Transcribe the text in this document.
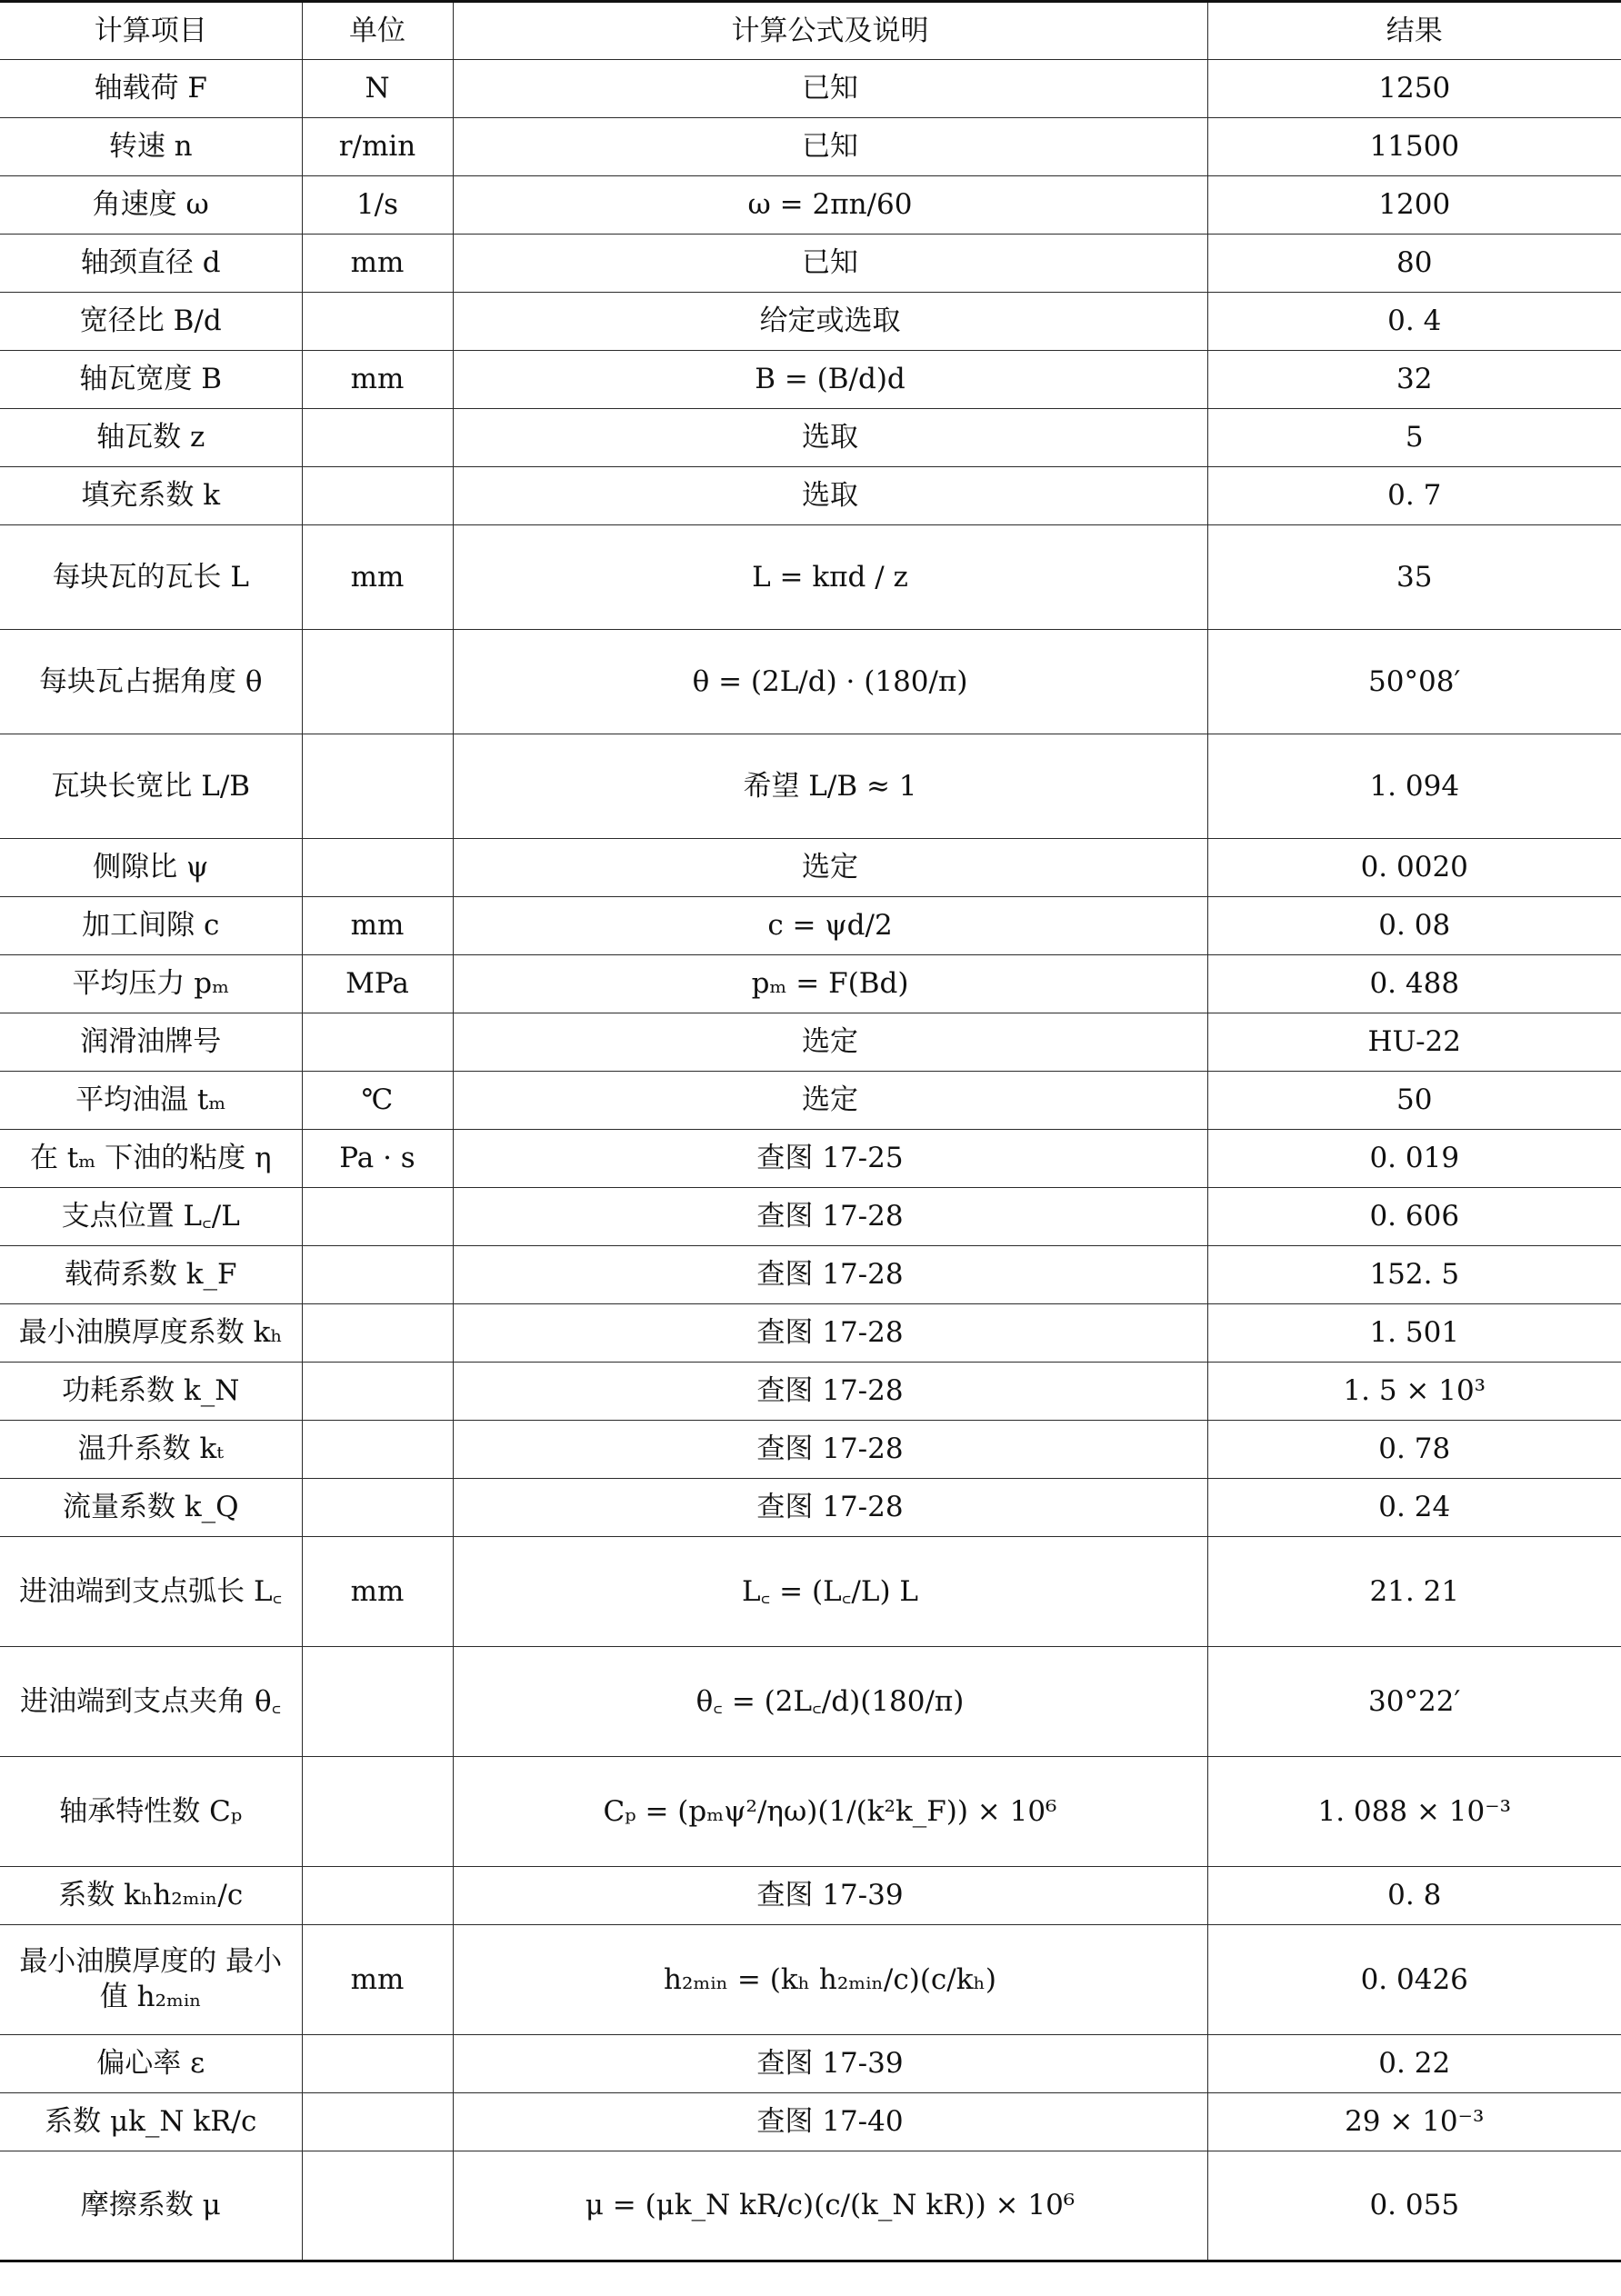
计算项目	单位	计算公式及说明	结果
轴载荷 F	N	已知	1250
转速 n	r/min	已知	11500
角速度 ω	1/s	ω = 2πn/60	1200
轴颈直径 d	mm	已知	80
宽径比 B/d		给定或选取	0. 4
轴瓦宽度 B	mm	B = (B/d)d	32
轴瓦数 z		选取	5
填充系数 k		选取	0. 7
每块瓦的瓦长 L	mm	L = kπd / z	35
每块瓦占据角度 θ		θ = (2L/d) · (180/π)	50°08′
瓦块长宽比 L/B		希望 L/B ≈ 1	1. 094
侧隙比 ψ		选定	0. 0020
加工间隙 c	mm	c = ψd/2	0. 08
平均压力 pₘ	MPa	pₘ = F(Bd)	0. 488
润滑油牌号		选定	HU-22
平均油温 tₘ	℃	选定	50
在 tₘ 下油的粘度 η	Pa · s	查图 17-25	0. 019
支点位置 L꜀/L		查图 17-28	0. 606
载荷系数 k_F		查图 17-28	152. 5
最小油膜厚度系数 kₕ		查图 17-28	1. 501
功耗系数 k_N		查图 17-28	1. 5 × 10³
温升系数 kₜ		查图 17-28	0. 78
流量系数 k_Q		查图 17-28	0. 24
进油端到支点弧长 L꜀	mm	L꜀ = (L꜀/L) L	21. 21
进油端到支点夹角 θ꜀		θ꜀ = (2L꜀/d)(180/π)	30°22′
轴承特性数 Cₚ		Cₚ = (pₘψ²/ηω)(1/(k²k_F)) × 10⁶	1. 088 × 10⁻³
系数 kₕh₂ₘᵢₙ/c		查图 17-39	0. 8
最小油膜厚度的 最小值 h₂ₘᵢₙ	mm	h₂ₘᵢₙ = (kₕ h₂ₘᵢₙ/c)(c/kₕ)	0. 0426
偏心率 ε		查图 17-39	0. 22
系数 μk_N kR/c		查图 17-40	29 × 10⁻³
摩擦系数 μ		μ = (μk_N kR/c)(c/(k_N kR)) × 10⁶	0. 055
